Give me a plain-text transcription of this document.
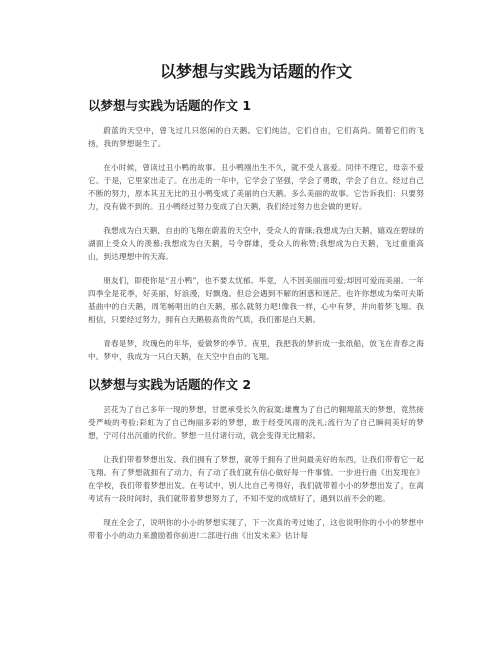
以梦想与实践为话题的作文
以梦想与实践为话题的作文 1

蔚蓝的天空中，曾飞过几只悠闲的白天鹅。它们纯洁，它们自由，它们高尚。随着它们的飞扬，我的梦想诞生了。

在小时候，曾读过丑小鸭的故事。丑小鸭刚出生不久，就不受人喜爱。同伴不理它，母亲不爱它。于是，它里家出走了。在出走的一年中，它学会了坚强，学会了勇敢，学会了自立。经过自己不断的努力，原本其丑无比的丑小鸭变成了美丽的白天鹅。多么美丽的故事。它告诉我们：只要努力，没有做不到的。丑小鸭经过努力变成了白天鹅，我们经过努力也会做的更好。

我想成为白天鹅，自由的飞翔在蔚蓝的天空中，受众人的青睐;我想成为白天鹅，嬉戏在碧绿的湖面上受众人的羡慕;我想成为白天鹅，号令群雄，受众人的称赞;我想成为白天鹅，飞过重重高山，到达理想中的天海。

朋友们，即使你是“丑小鸭”，也不要太忧郁。毕竟，人不因美丽而可爱;却因可爱而美丽。一年四季全是花季，好美丽，好浪漫，好飘逸。但总会遇到不解的困惑和迷茫。也许你想成为柴可夫斯基曲中的白天鹅，周笔畅唱出的白天鹅，那么就努力吧!像我一样，心中有梦，并向着梦飞翔。我相信，只要经过努力，拥有白天鹅般高贵的气质，我们都是白天鹅。

青春是梦，玫瑰色的年华，爱做梦的季节。夜里，我把我的梦折成一张纸船，放飞在青春之海中。梦中，我成为一只白天鹅，在天空中自由的飞翔。

以梦想与实践为话题的作文 2

芸花为了自己多年一现的梦想，甘愿承受长久的寂寞;雄鹰为了自己的翱翔蓝天的梦想，竟然接受严峻的考验;彩虹为了自己绚丽多彩的梦想，敢于经受风雨的洗礼;流行为了自己瞬间美好的梦想，宁可付出沉重的代价。梦想一旦付诸行动，就会变得无比精彩。

让我们带着梦想出发。我们拥有了梦想，就等于拥有了世间最美好的东西，让我们带着它一起飞翔。有了梦想就拥有了动力，有了动了我们就有信心做好每一件事情。一步进行曲《出发现在》在学校，我们带着梦想出发。在考试中，别人比自己考得好，我们就带着小小的梦想出发了，在离考试有一段时间时，我们就带着梦想努力了，不知不觉的成绩好了，遇到以前不会的题。

现在全会了，说明你的小小的梦想实现了，下一次真的考过她了，这也说明你的小小的梦想中带着小小的动力来激励着你前进!二部进行曲《出发未来》估计每
